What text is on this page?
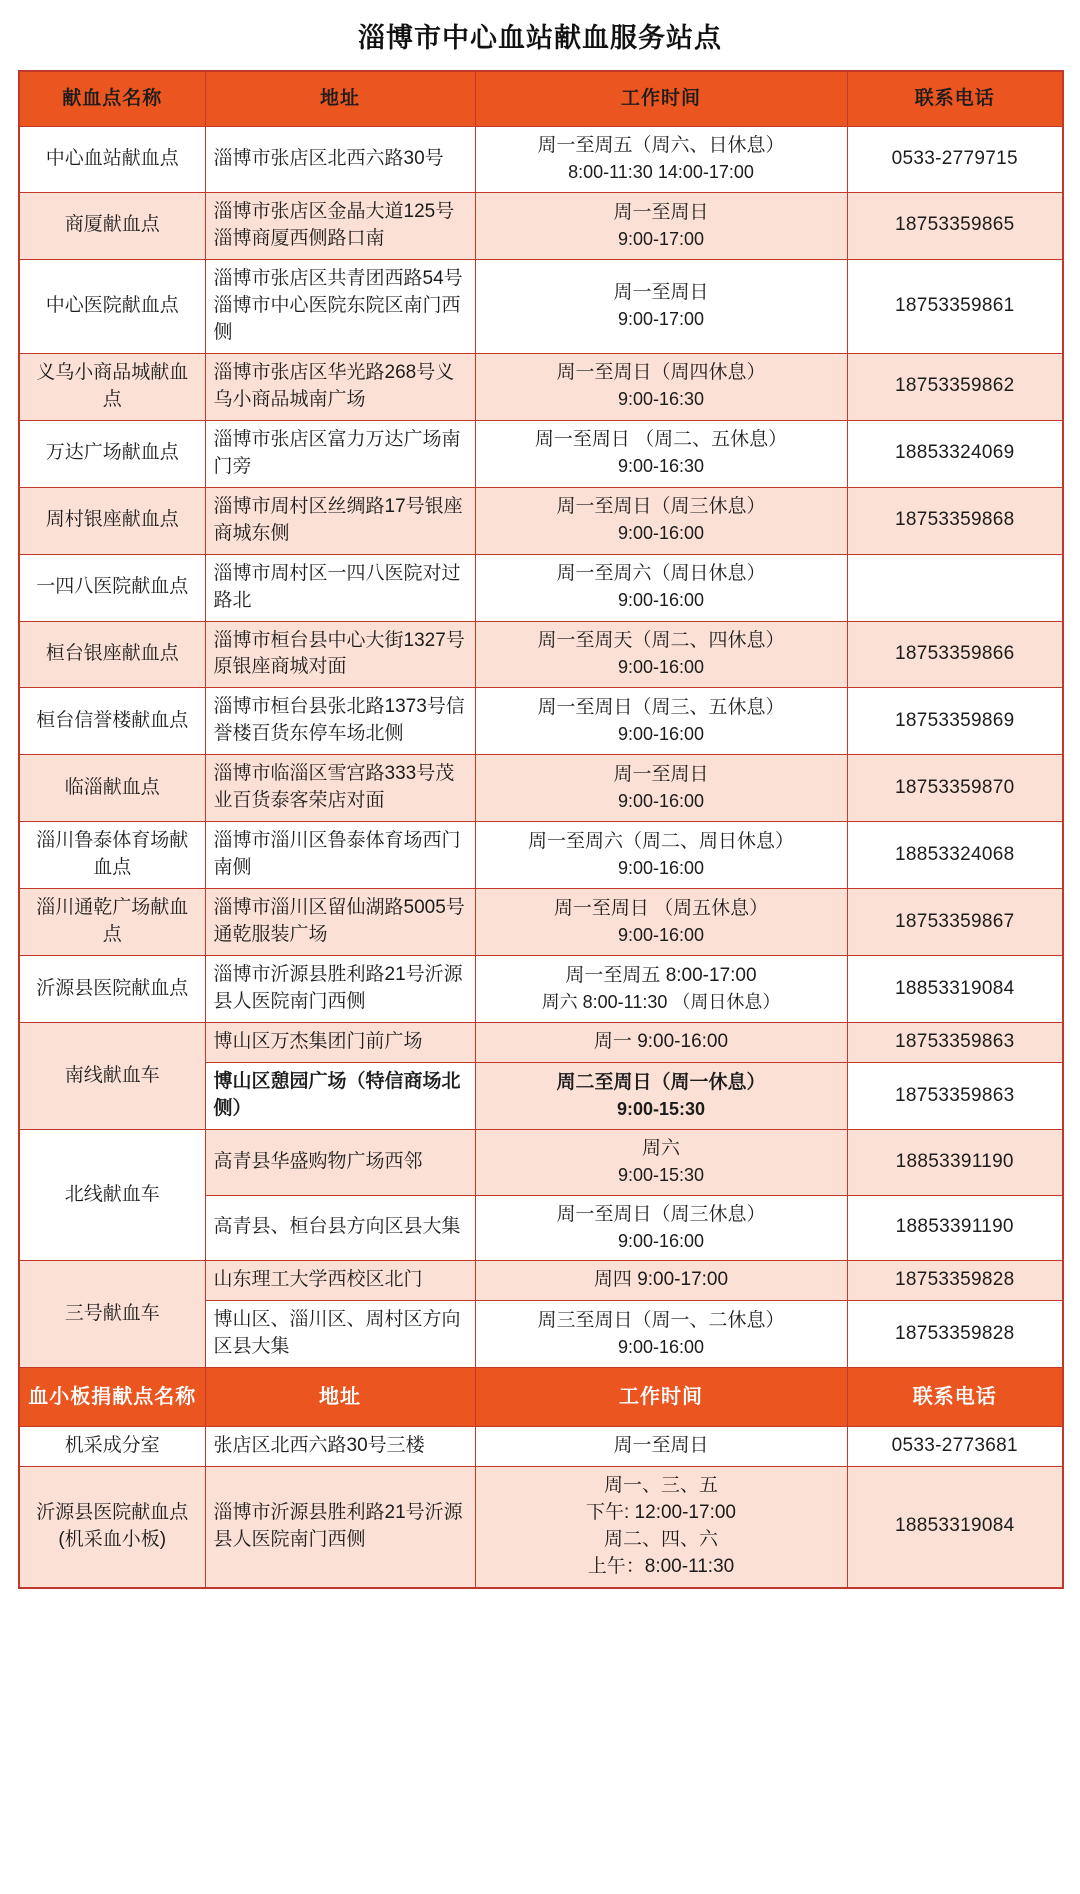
淄博市中心血站献血服务站点
献血点名称	地址	工作时间	联系电话
中心血站献血点	淄博市张店区北西六路30号	周一至周五（周六、日休息）
8:00-11:30 14:00-17:00	0533-2779715
商厦献血点	淄博市张店区金晶大道125号淄博商厦西侧路口南	周一至周日
9:00-17:00	18753359865
中心医院献血点	淄博市张店区共青团西路54号淄博市中心医院东院区南门西侧	周一至周日
9:00-17:00	18753359861
义乌小商品城献血点	淄博市张店区华光路268号义乌小商品城南广场	周一至周日（周四休息）
9:00-16:30	18753359862
万达广场献血点	淄博市张店区富力万达广场南门旁	周一至周日 （周二、五休息）
9:00-16:30	18853324069
周村银座献血点	淄博市周村区丝绸路17号银座商城东侧	周一至周日（周三休息）
9:00-16:00	18753359868
一四八医院献血点	淄博市周村区一四八医院对过路北	周一至周六（周日休息）
9:00-16:00	

桓台银座献血点	淄博市桓台县中心大街1327号原银座商城对面	周一至周天（周二、四休息）
9:00-16:00	18753359866
桓台信誉楼献血点	淄博市桓台县张北路1373号信誉楼百货东停车场北侧	周一至周日（周三、五休息）
9:00-16:00	18753359869
临淄献血点	淄博市临淄区雪宫路333号茂业百货泰客荣店对面	周一至周日
9:00-16:00	18753359870
淄川鲁泰体育场献血点	淄博市淄川区鲁泰体育场西门南侧	周一至周六（周二、周日休息）
9:00-16:00	18853324068
淄川通乾广场献血点	淄博市淄川区留仙湖路5005号通乾服装广场	周一至周日 （周五休息）
9:00-16:00	18753359867
沂源县医院献血点	淄博市沂源县胜利路21号沂源县人医院南门西侧	周一至周五 8:00-17:00
周六 8:00-11:30 （周日休息）	18853319084
南线献血车	博山区万杰集团门前广场	周一 9:00-16:00	18753359863
	博山区憩园广场（特信商场北侧）	周二至周日（周一休息）
9:00-15:30	18753359863
北线献血车	高青县华盛购物广场西邻	周六
9:00-15:30	18853391190
	高青县、桓台县方向区县大集	周一至周日（周三休息）
9:00-16:00	18853391190
三号献血车	山东理工大学西校区北门	周四 9:00-17:00	18753359828
	博山区、淄川区、周村区方向区县大集	周三至周日（周一、二休息）
9:00-16:00	18753359828
血小板捐献点名称	地址	工作时间	联系电话
机采成分室	张店区北西六路30号三楼	周一至周日	0533-2773681
沂源县医院献血点(机采血小板)	淄博市沂源县胜利路21号沂源县人医院南门西侧	周一、三、五
下午: 12:00-17:00
周二、四、六
上午：8:00-11:30	18853319084
